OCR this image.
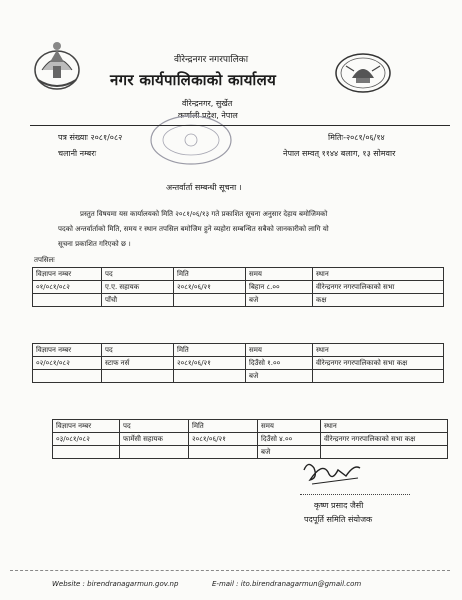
वीरेन्द्रनगर नगरपालिका
नगर कार्यपालिकाको कार्यालय
वीरेन्द्रनगर, सुर्खेत
कर्णाली प्रदेश, नेपाल
पत्र संख्याः २०८१/०८२
चलानी नम्बरः
मितिः-२०८१/०६/१४
नेपाल सम्वत् ११४४ बलाग, १३ सोमवार
अन्तर्वार्ता सम्बन्धी सूचना ।
प्रस्तुत विषयमा यस कार्यालयको मिति २०८१/०६/१३ गते प्रकाशित सूचना अनुसार देहाय बमोजिमको
पदको अन्तर्वार्ताको मिति, समय र स्थान तपसिल बमोजिम हुने व्यहोरा सम्बन्धित सबैको जानकारीको लागि यो
सूचना प्रकाशित गरिएको छ ।
तपसिलः
विज्ञापन नम्बर	पद	मिति	समय	स्थान
०१/०८१/०८२	ए.ए. सहायक	२०८१/०६/२१	बिहान ८.००	वीरेन्द्रनगर नगरपालिकाको सभा
	पाँचौ		बजे	कक्ष
विज्ञापन नम्बर	पद	मिति	समय	स्थान
०२/०८१/०८२	स्टाफ नर्स	२०८१/०६/२१	दिउँसो १.००	वीरेन्द्रनगर नगरपालिकाको सभा कक्ष
			बजे	
विज्ञापन नम्बर	पद	मिति	समय	स्थान
०३/०८१/०८२	फार्मेसी सहायक	२०८१/०६/२१	दिउँसो ४.००	वीरेन्द्रनगर नगरपालिकाको सभा कक्ष
			बजे	
कृष्ण प्रसाद जैसी
पदपूर्ति समिति संयोजक
Website : birendranagarmun.gov.np	E-mail : ito.birendranagarmun@gmail.com
